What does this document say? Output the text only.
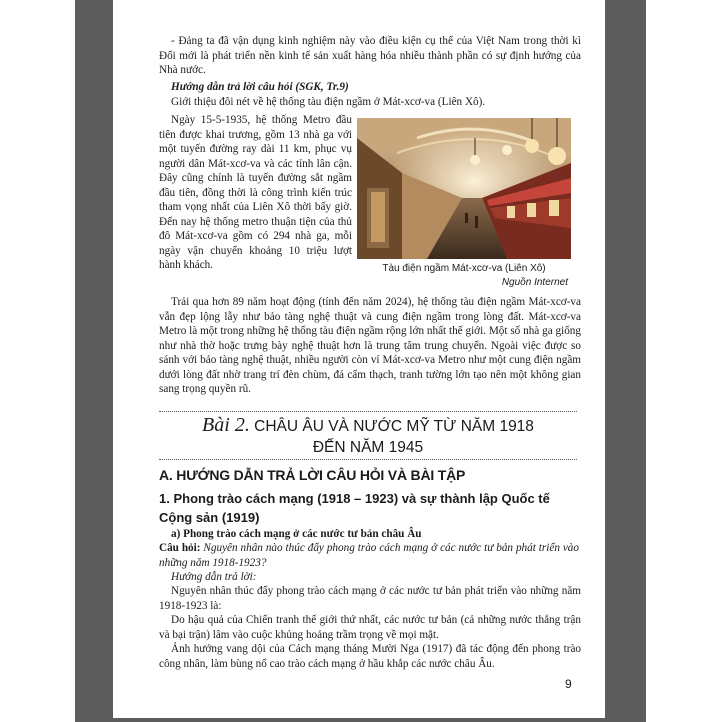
- Đảng ta đã vận dụng kinh nghiệm này vào điều kiện cụ thể của Việt Nam trong thời kì Đổi mới là phát triển nền kinh tế sản xuất hàng hóa nhiều thành phần có sự định hướng của Nhà nước.

Hướng dẫn trả lời câu hỏi (SGK, Tr.9)

Giới thiệu đôi nét về hệ thống tàu điện ngầm ở Mát-xcơ-va (Liên Xô).

Ngày 15-5-1935, hệ thống Metro đầu tiên được khai trương, gồm 13 nhà ga với một tuyến đường ray dài 11 km, phục vụ người dân Mát-xcơ-va và các tỉnh lân cận. Đây cũng chính là tuyến đường sắt ngầm đầu tiên, đồng thời là công trình kiến trúc tham vọng nhất của Liên Xô thời bấy giờ. Đến nay hệ thống metro thuận tiện của thủ đô Mát-xcơ-va gồm có 294 nhà ga, mỗi ngày vận chuyển khoảng 10 triệu lượt hành khách.	Tàu điện ngầm Mát-xcơ-va (Liên Xô)
Nguồn Internet

Trải qua hơn 89 năm hoạt động (tính đến năm 2024), hệ thống tàu điện ngầm Mát-xcơ-va vẫn đẹp lộng lẫy như bảo tàng nghệ thuật và cung điện ngầm trong lòng đất. Mát-xcơ-va Metro là một trong những hệ thống tàu điện ngầm rộng lớn nhất thế giới. Một số nhà ga giống như nhà thờ hoặc trưng bày nghệ thuật hơn là trung tâm trung chuyển. Ngoài việc được so sánh với bảo tàng nghệ thuật, nhiều người còn ví Mát-xcơ-va Metro như một cung điện ngầm dưới lòng đất nhờ trang trí đèn chùm, đá cẩm thạch, tranh tường lớn tạo nên một không gian sang trọng quyền rũ.

Bài 2. CHÂU ÂU VÀ NƯỚC MỸ TỪ NĂM 1918
ĐẾN NĂM 1945
A. HƯỚNG DẪN TRẢ LỜI CÂU HỎI VÀ BÀI TẬP
1. Phong trào cách mạng (1918 – 1923) và sự thành lập Quốc tế Cộng sản (1919)

a) Phong trào cách mạng ở các nước tư bản châu Âu

Câu hỏi: Nguyên nhân nào thúc đẩy phong trào cách mạng ở các nước tư bản phát triển vào những năm 1918-1923?

Hướng dẫn trả lời:

Nguyên nhân thúc đẩy phong trào cách mạng ở các nước tư bản phát triển vào những năm 1918-1923 là:

Do hậu quả của Chiến tranh thế giới thứ nhất, các nước tư bản (cả những nước thắng trận và bại trận) lâm vào cuộc khủng hoảng trầm trọng về mọi mặt.

Ảnh hưởng vang dội của Cách mạng tháng Mười Nga (1917) đã tác động đến phong trào công nhân, làm bùng nổ cao trào cách mạng ở hầu khắp các nước châu Âu.

9
